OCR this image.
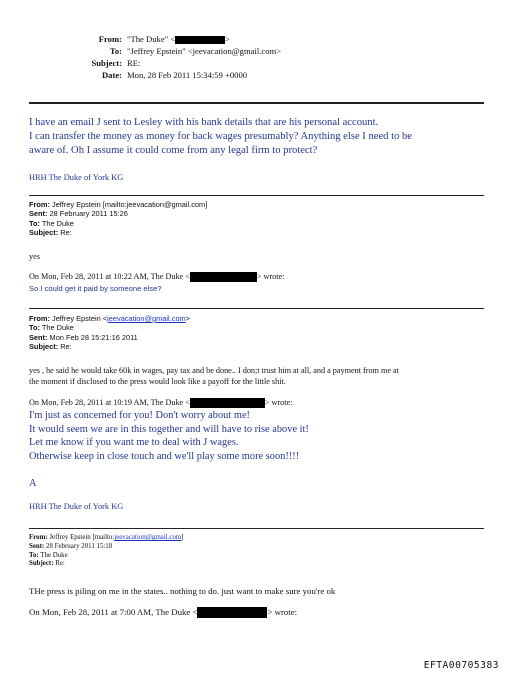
From: "The Duke" <	>
To: "Jeffrey Epstein" <jeevacation@gmail.com>
Subject: RE:
Date: Mon, 28 Feb 2011 15:34:59 +0000
I have an email J sent to Lesley with his bank details that are his personal account.
I can transfer the money as money for back wages presumably? Anything else I need to be
aware of. Oh I assume it could come from any legal firm to protect?
HRH The Duke of York KG
From: Jeffrey Epstein [mailto:jeevacation@gmail.com]
Sent: 28 February 2011 15:26
To: The Duke
Subject: Re:
yes
On Mon, Feb 28, 2011 at 10:22 AM, The Duke <	> wrote:
So I could get it paid by someone else?
From: Jeffrey Epstein <jeevacation@gmail.com>
To: The Duke
Sent: Mon Feb 28 15:21:16 2011
Subject: Re:
yes , he said he would take 60k in wages, pay tax and be done.. I don;t trust him at all, and a payment from me at
the moment if disclosed to the press would look like a payoff for the little shit.
On Mon, Feb 28, 2011 at 10:19 AM, The Duke <	> wrote:
I'm just as concerned for you! Don't worry about me!
It would seem we are in this together and will have to rise above it!
Let me know if you want me to deal with J wages.
Otherwise keep in close touch and we'll play some more soon!!!!
A
HRH The Duke of York KG
From: Jeffrey Epstein [mailto:jeevacation@gmail.com]
Sent: 28 February 2011 15:18
To: The Duke
Subject: Re:
THe press is piling on me in the states.. nothing to do. just want to make sure you're ok
On Mon, Feb 28, 2011 at 7:00 AM, The Duke <	> wrote:
EFTA00705383
